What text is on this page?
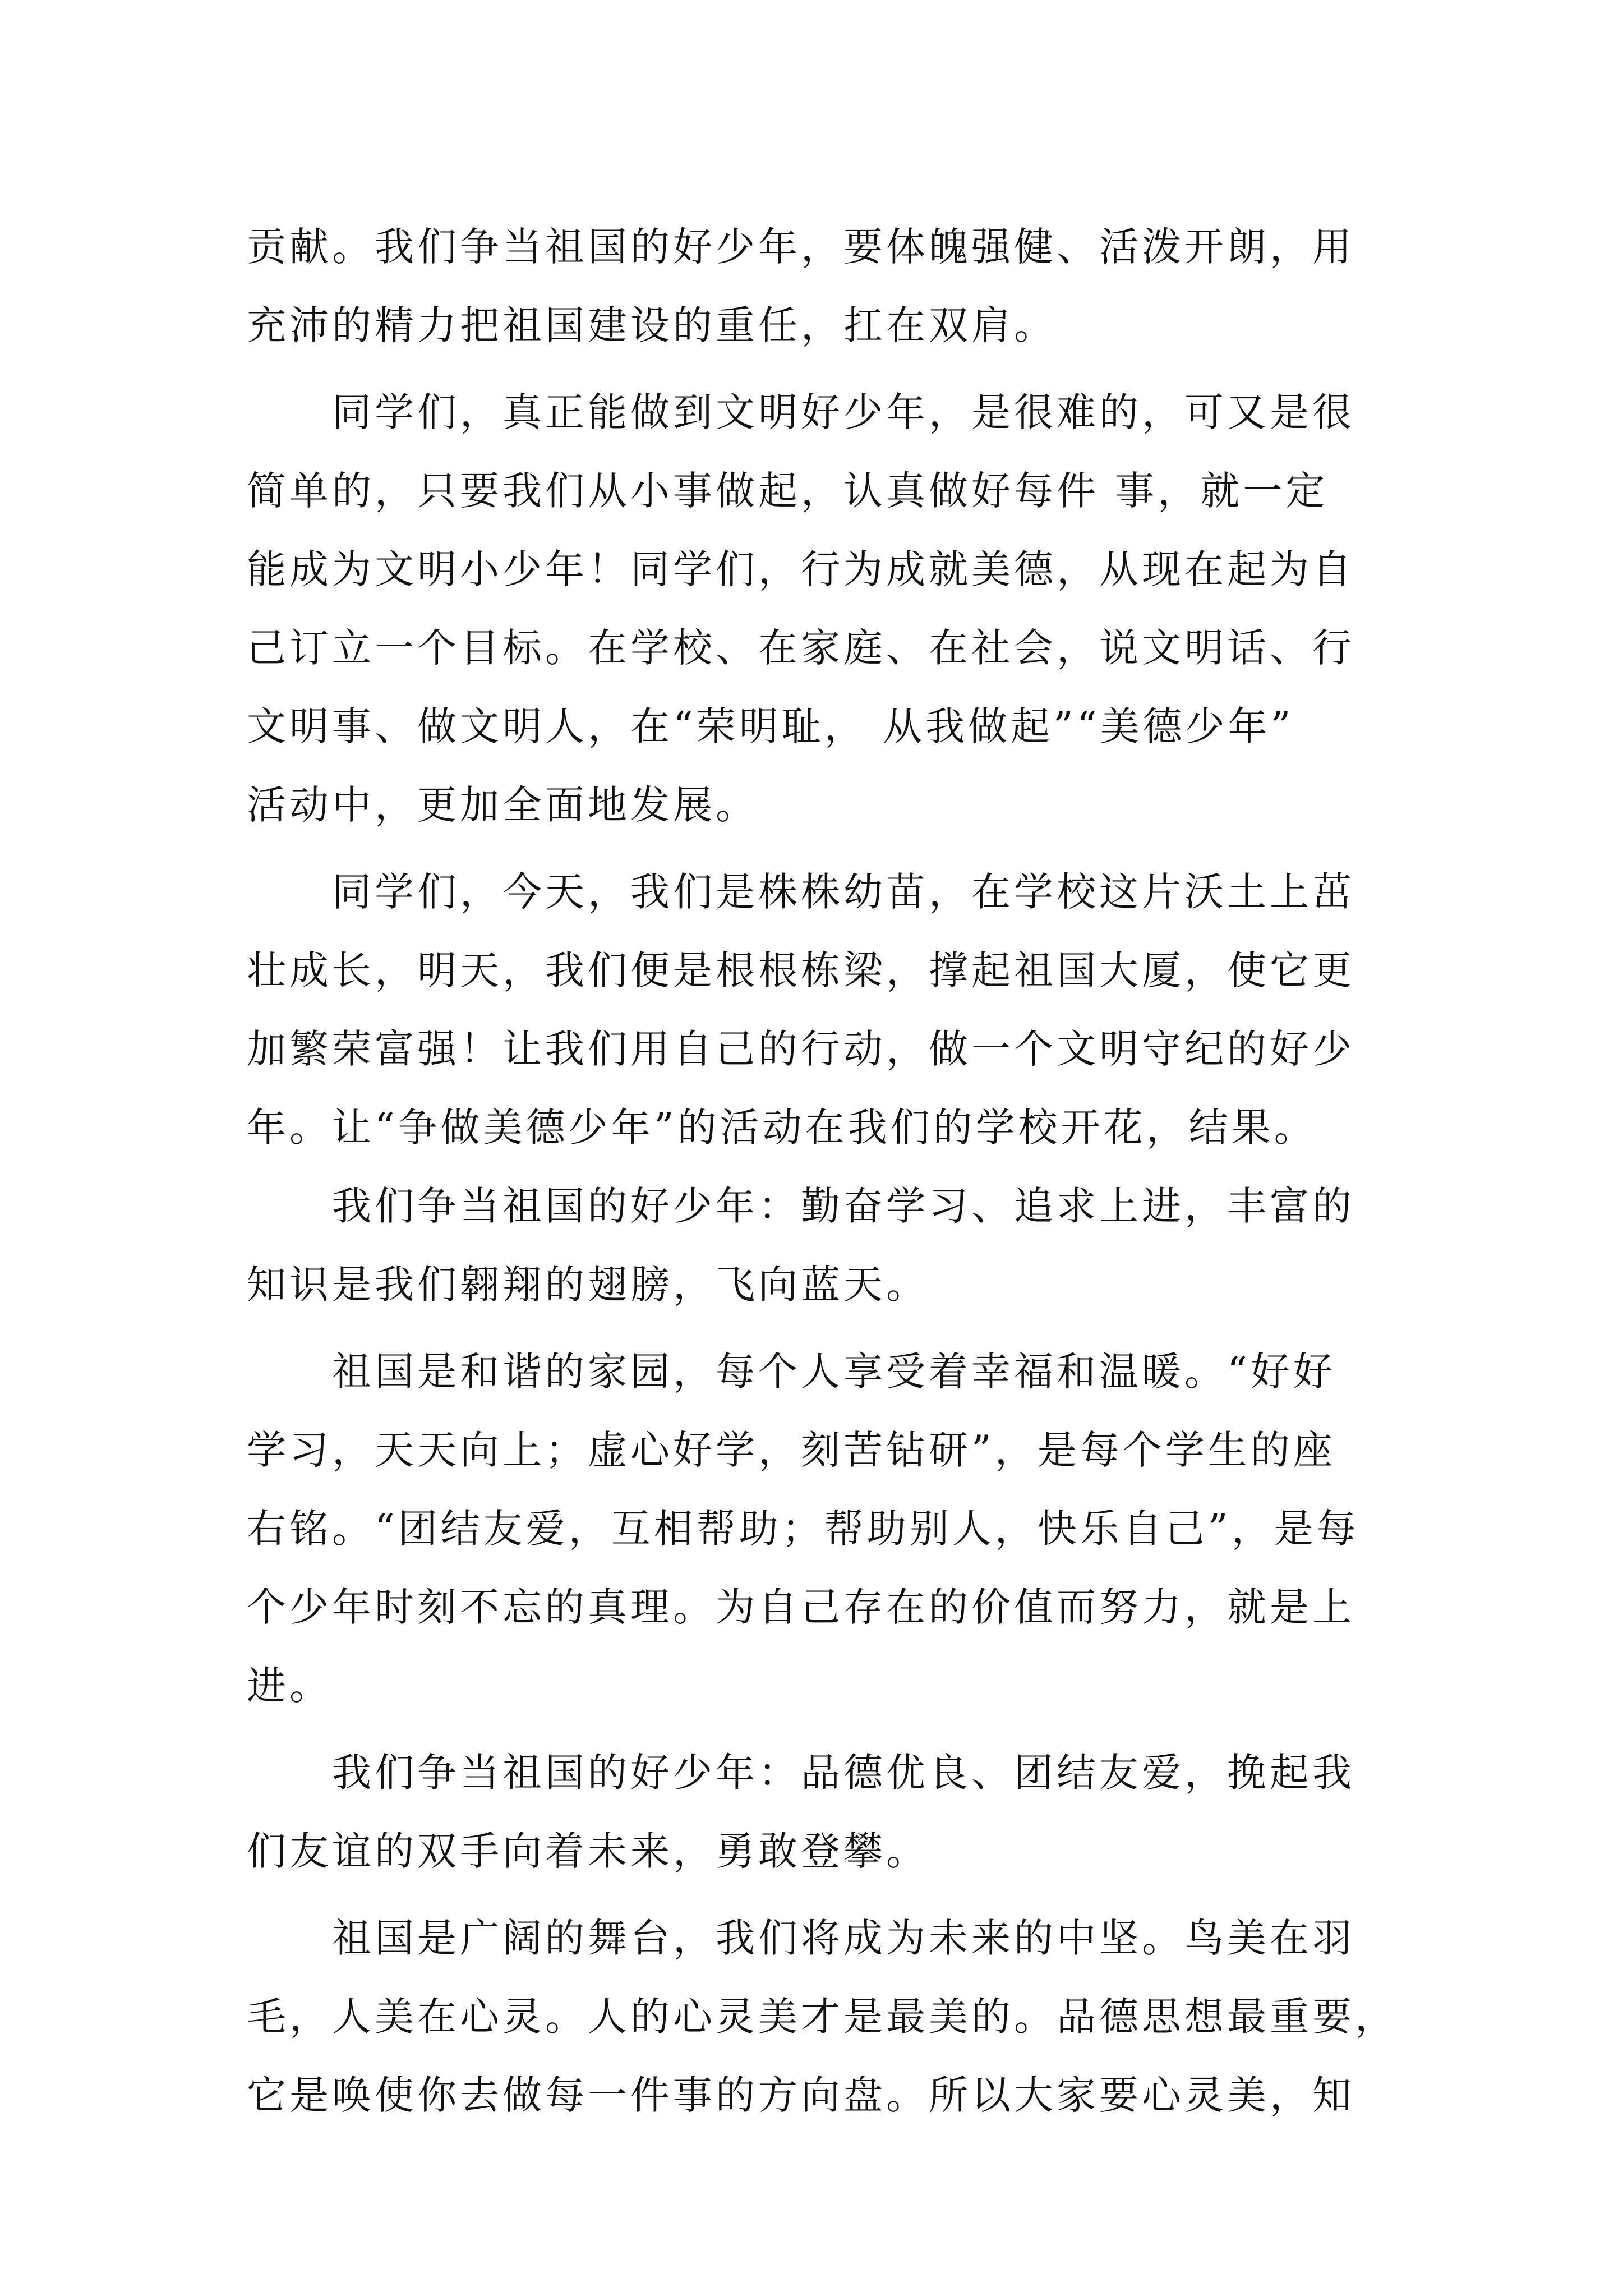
贡献。我们争当祖国的好少年，要体魄强健、活泼开朗，用
充沛的精力把祖国建设的重任，扛在双肩。
同学们，真正能做到文明好少年，是很难的，可又是很
简单的，只要我们从小事做起，认真做好每件 事，就一定
能成为文明小少年！同学们，行为成就美德，从现在起为自
己订立一个目标。在学校、在家庭、在社会，说文明话、行
文明事、做文明人，在“荣明耻， 从我做起”“美德少年”
活动中，更加全面地发展。
同学们，今天，我们是株株幼苗，在学校这片沃土上茁
壮成长，明天，我们便是根根栋梁，撑起祖国大厦，使它更
加繁荣富强！让我们用自己的行动，做一个文明守纪的好少
年。让“争做美德少年”的活动在我们的学校开花，结果。
我们争当祖国的好少年：勤奋学习、追求上进，丰富的
知识是我们翱翔的翅膀，飞向蓝天。
祖国是和谐的家园，每个人享受着幸福和温暖。“好好
学习，天天向上；虚心好学，刻苦钻研”，是每个学生的座
右铭。“团结友爱，互相帮助；帮助别人，快乐自己”，是每
个少年时刻不忘的真理。为自己存在的价值而努力，就是上
进。
我们争当祖国的好少年：品德优良、团结友爱，挽起我
们友谊的双手向着未来，勇敢登攀。
祖国是广阔的舞台，我们将成为未来的中坚。鸟美在羽
毛，人美在心灵。人的心灵美才是最美的。品德思想最重要，
它是唤使你去做每一件事的方向盘。所以大家要心灵美，知
